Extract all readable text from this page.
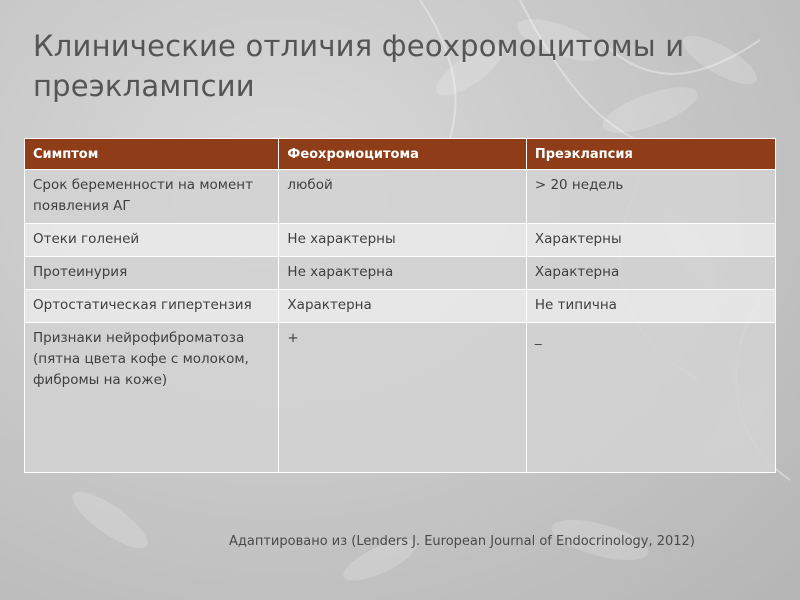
Клинические отличия феохромоцитомы и преэклампсии
Симптом	Феохромоцитома	Преэклапсия
Срок беременности на момент появления АГ	любой	> 20 недель
Отеки голеней	Не характерны	Характерны
Протеинурия	Не характерна	Характерна
Ортостатическая гипертензия	Характерна	Не типична
Признаки нейрофиброматоза (пятна цвета кофе с молоком, фибромы на коже)	+	_
Адаптировано из (Lenders J. European Journal of Endocrinology, 2012)
